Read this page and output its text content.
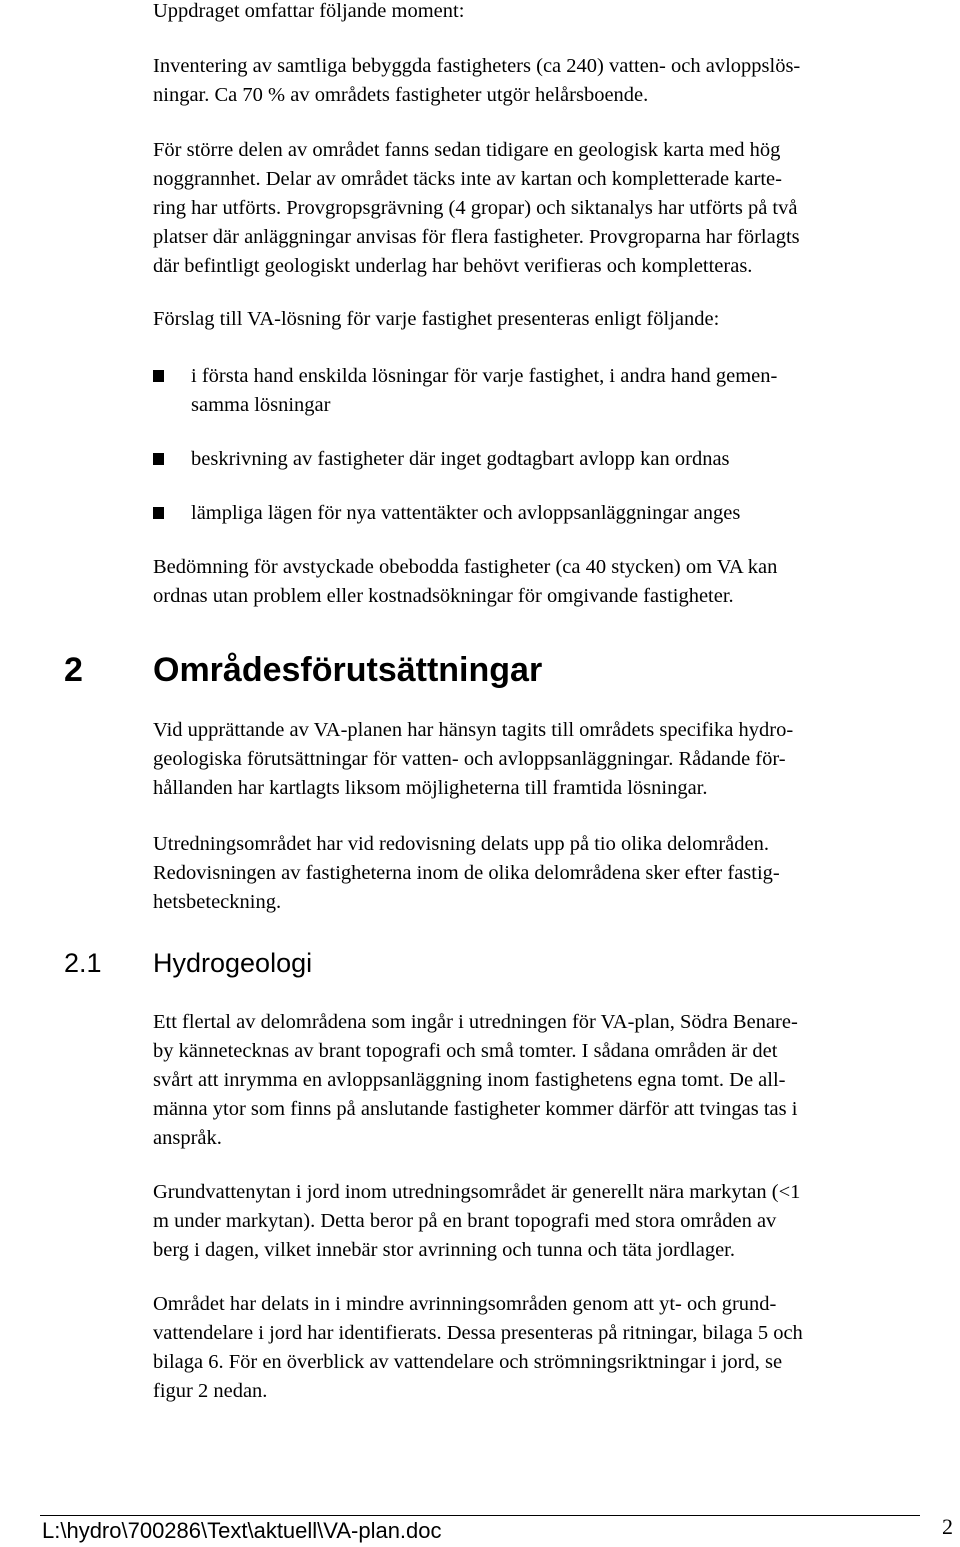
Uppdraget omfattar följande moment:
Inventering av samtliga bebyggda fastigheters (ca 240) vatten- och avloppslös-
ningar. Ca 70 % av områdets fastigheter utgör helårsboende.
För större delen av området fanns sedan tidigare en geologisk karta med hög
noggrannhet. Delar av området täcks inte av kartan och kompletterade karte-
ring har utförts. Provgropsgrävning (4 gropar) och siktanalys har utförts på två
platser där anläggningar anvisas för flera fastigheter. Provgroparna har förlagts
där befintligt geologiskt underlag har behövt verifieras och kompletteras.
Förslag till VA-lösning för varje fastighet presenteras enligt följande:
i första hand enskilda lösningar för varje fastighet, i andra hand gemen-
samma lösningar
beskrivning av fastigheter där inget godtagbart avlopp kan ordnas
lämpliga lägen för nya vattentäkter och avloppsanläggningar anges
Bedömning för avstyckade obebodda fastigheter (ca 40 stycken) om VA kan
ordnas utan problem eller kostnadsökningar för omgivande fastigheter.
2 Områdesförutsättningar
Vid upprättande av VA-planen har hänsyn tagits till områdets specifika hydro-
geologiska förutsättningar för vatten- och avloppsanläggningar. Rådande för-
hållanden har kartlagts liksom möjligheterna till framtida lösningar.
Utredningsområdet har vid redovisning delats upp på tio olika delområden.
Redovisningen av fastigheterna inom de olika delområdena sker efter fastig-
hetsbeteckning.
2.1 Hydrogeologi
Ett flertal av delområdena som ingår i utredningen för VA-plan, Södra Benare-
by kännetecknas av brant topografi och små tomter. I sådana områden är det
svårt att inrymma en avloppsanläggning inom fastighetens egna tomt. De all-
männa ytor som finns på anslutande fastigheter kommer därför att tvingas tas i
anspråk.
Grundvattenytan i jord inom utredningsområdet är generellt nära markytan (<1
m under markytan). Detta beror på en brant topografi med stora områden av
berg i dagen, vilket innebär stor avrinning och tunna och täta jordlager.
Området har delats in i mindre avrinningsområden genom att yt- och grund-
vattendelare i jord har identifierats. Dessa presenteras på ritningar, bilaga 5 och
bilaga 6. För en överblick av vattendelare och strömningsriktningar i jord, se
figur 2 nedan.
L:\hydro\700286\Text\aktuell\VA-plan.doc	2
